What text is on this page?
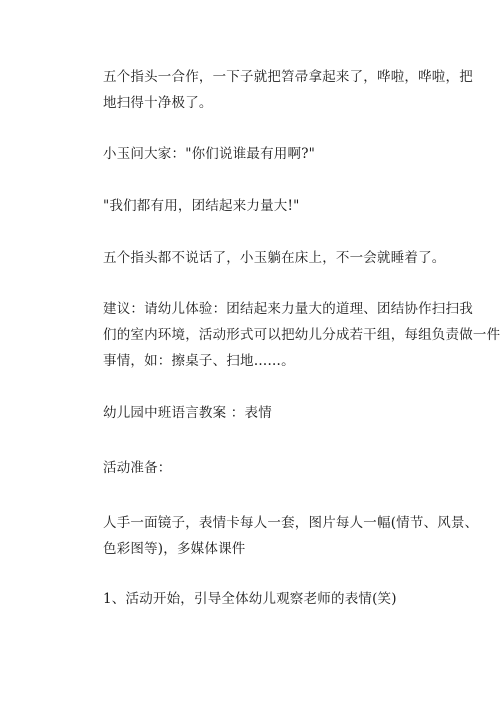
五个指头一合作，一下子就把笤帚拿起来了，哗啦，哗啦，把
地扫得十净极了。

小玉问大家："你们说谁最有用啊?"

"我们都有用，团结起来力量大!"

五个指头都不说话了，小玉躺在床上，不一会就睡着了。

建议：请幼儿体验：团结起来力量大的道理、团结协作扫扫我
们的室内环境，活动形式可以把幼儿分成若干组，每组负责做一件
事情，如：擦桌子、扫地……。

幼儿园中班语言教案 ：表情

活动准备：

人手一面镜子，表情卡每人一套，图片每人一幅(情节、风景、
色彩图等)，多媒体课件

1、活动开始，引导全体幼儿观察老师的表情(笑)
